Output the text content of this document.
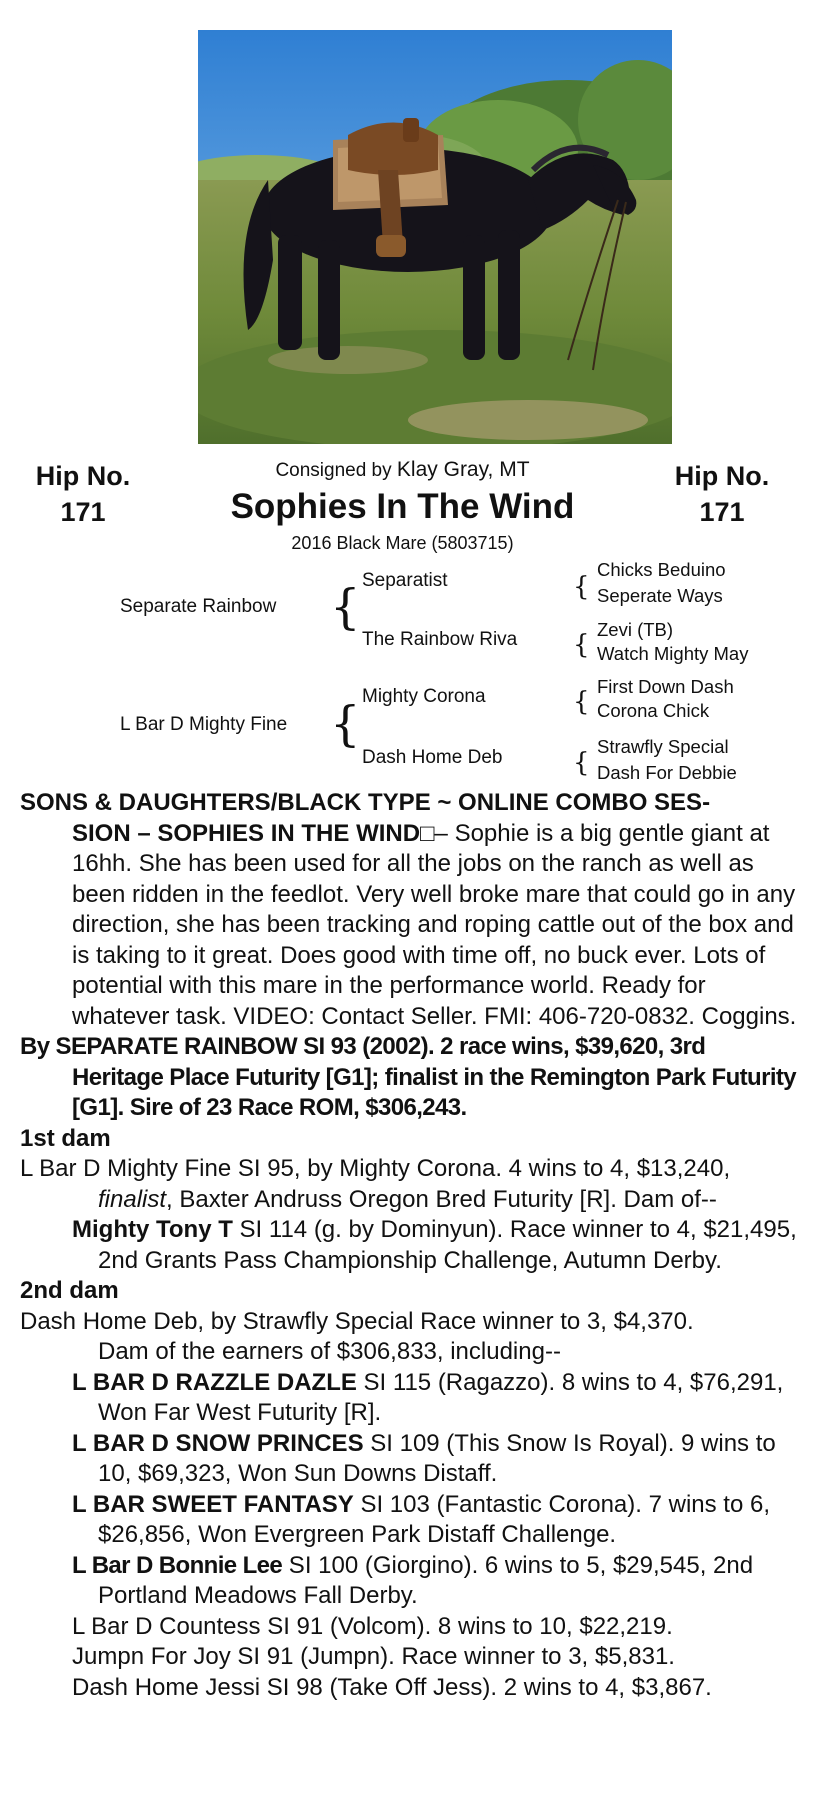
Hip No.
171
Hip No.
171
Consigned by Klay Gray, MT
Sophies In The Wind
2016 Black Mare (5803715)
Separate Rainbow { Separatist
The Rainbow Riva
L Bar D Mighty Fine { Mighty Corona
Dash Home Deb
{
Chicks Beduino
Seperate Ways
{
Zevi (TB)
Watch Mighty May
{
First Down Dash
Corona Chick
{
Strawfly Special
Dash For Debbie

SONS & DAUGHTERS/BLACK TYPE ~ ONLINE COMBO SES-
SION – SOPHIES IN THE WIND□– Sophie is a big gentle giant at 16hh. She has been used for all the jobs on the ranch as well as been ridden in the feedlot. Very well broke mare that could go in any direction, she has been tracking and roping cattle out of the box and is taking to it great. Does good with time off, no buck ever. Lots of potential with this mare in the performance world. Ready for whatever task. VIDEO: Contact Seller. FMI: 406-720-0832. Coggins.

By SEPARATE RAINBOW SI 93 (2002). 2 race wins, $39,620, 3rd Heritage Place Futurity [G1]; finalist in the Remington Park Futurity [G1]. Sire of 23 Race ROM, $306,243.

1st dam

L Bar D Mighty Fine SI 95, by Mighty Corona. 4 wins to 4, $13,240,
finalist, Baxter Andruss Oregon Bred Futurity [R]. Dam of--

Mighty Tony T SI 114 (g. by Dominyun). Race winner to 4, $21,495, 2nd Grants Pass Championship Challenge, Autumn Derby.

2nd dam

Dash Home Deb, by Strawfly Special Race winner to 3, $4,370.

Dam of the earners of $306,833, including--

L BAR D RAZZLE DAZLE SI 115 (Ragazzo). 8 wins to 4, $76,291, Won Far West Futurity [R].

L BAR D SNOW PRINCES SI 109 (This Snow Is Royal). 9 wins to 10, $69,323, Won Sun Downs Distaff.

L BAR SWEET FANTASY SI 103 (Fantastic Corona). 7 wins to 6, $26,856, Won Evergreen Park Distaff Challenge.

L Bar D Bonnie Lee SI 100 (Giorgino). 6 wins to 5, $29,545, 2nd Portland Meadows Fall Derby.

L Bar D Countess SI 91 (Volcom). 8 wins to 10, $22,219.

Jumpn For Joy SI 91 (Jumpn). Race winner to 3, $5,831.

Dash Home Jessi SI 98 (Take Off Jess). 2 wins to 4, $3,867.
